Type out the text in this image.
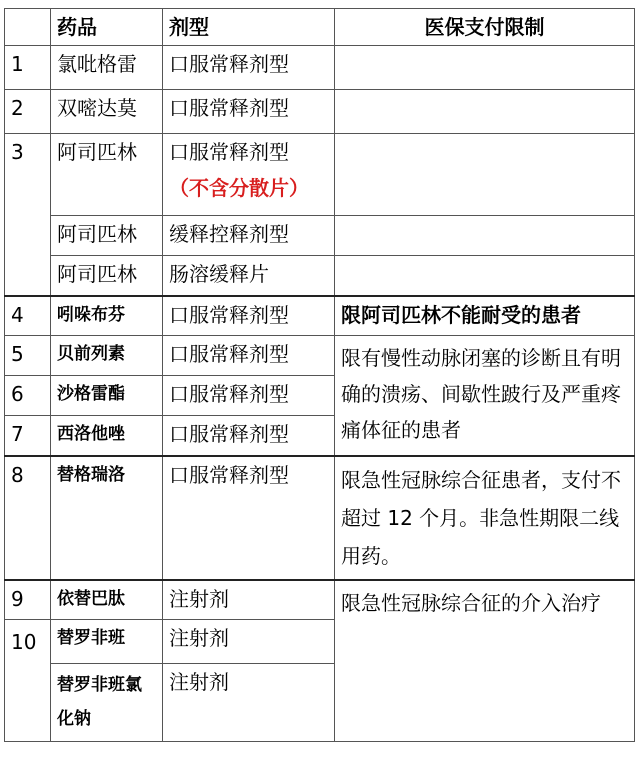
	药品	剂型	医保支付限制
1	氯吡格雷	口服常释剂型	
2	双嘧达莫	口服常释剂型	
3	阿司匹林	口服常释剂型
（不含分散片）	

	阿司匹林	缓释控释剂型	
	阿司匹林	肠溶缓释片	
4	吲哚布芬	口服常释剂型	限阿司匹林不能耐受的患者
5	贝前列素	口服常释剂型	限有慢性动脉闭塞的诊断且有明确的溃疡、间歇性跛行及严重疼痛体征的患者
6	沙格雷酯	口服常释剂型	
7	西洛他唑	口服常释剂型	
8	替格瑞洛	口服常释剂型	限急性冠脉综合征患者，支付不超过 12 个月。非急性期限二线用药。
9	依替巴肽	注射剂	限急性冠脉综合征的介入治疗
10	替罗非班	注射剂	
	替罗非班氯化钠	注射剂	
